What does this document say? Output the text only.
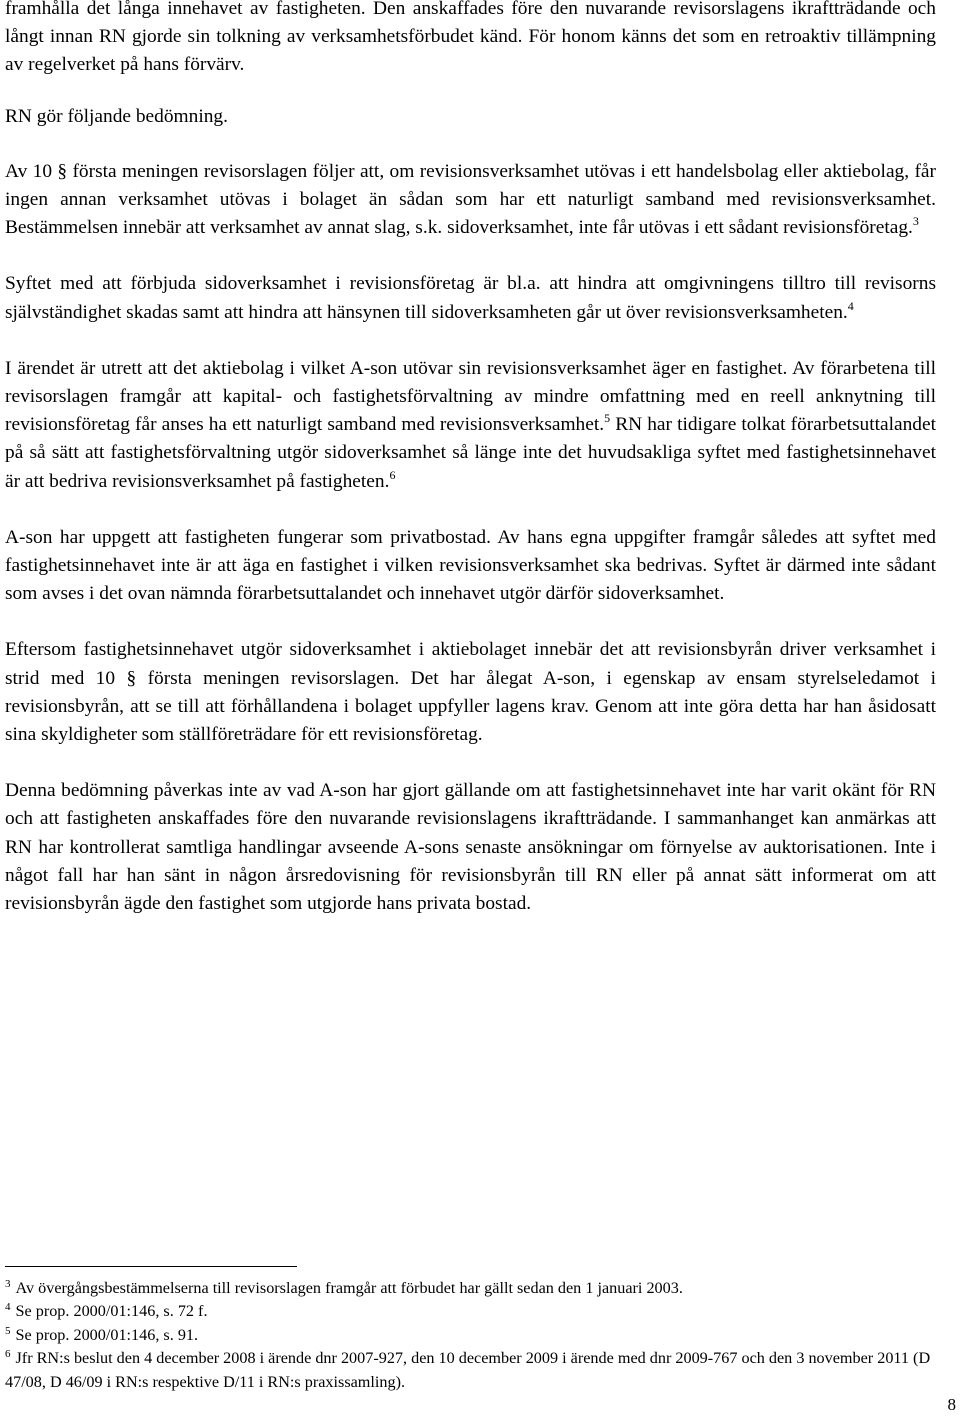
framhålla det långa innehavet av fastigheten. Den anskaffades före den nuvarande revisorslagens ikraftträdande och långt innan RN gjorde sin tolkning av verksamhetsförbudet känd. För honom känns det som en retroaktiv tillämpning av regelverket på hans förvärv.

RN gör följande bedömning.

Av 10 § första meningen revisorslagen följer att, om revisionsverksamhet utövas i ett handelsbolag eller aktiebolag, får ingen annan verksamhet utövas i bolaget än sådan som har ett naturligt samband med revisionsverksamhet. Bestämmelsen innebär att verksamhet av annat slag, s.k. sidoverksamhet, inte får utövas i ett sådant revisionsföretag.$^3$

Syftet med att förbjuda sidoverksamhet i revisionsföretag är bl.a. att hindra att omgivningens tilltro till revisorns självständighet skadas samt att hindra att hänsynen till sidoverksamheten går ut över revisionsverksamheten.$^4$

I ärendet är utrett att det aktiebolag i vilket A-son utövar sin revisionsverksamhet äger en fastighet. Av förarbetena till revisorslagen framgår att kapital- och fastighetsförvaltning av mindre omfattning med en reell anknytning till revisionsföretag får anses ha ett naturligt samband med revisionsverksamhet.$^5$ RN har tidigare tolkat förarbetsuttalandet på så sätt att fastighetsförvaltning utgör sidoverksamhet så länge inte det huvudsakliga syftet med fastighetsinnehavet är att bedriva revisionsverksamhet på fastigheten.$^6$

A-son har uppgett att fastigheten fungerar som privatbostad. Av hans egna uppgifter framgår således att syftet med fastighetsinnehavet inte är att äga en fastighet i vilken revisionsverksamhet ska bedrivas. Syftet är därmed inte sådant som avses i det ovan nämnda förarbetsuttalandet och innehavet utgör därför sidoverksamhet.

Eftersom fastighetsinnehavet utgör sidoverksamhet i aktiebolaget innebär det att revisionsbyrån driver verksamhet i strid med 10 § första meningen revisorslagen. Det har ålegat A-son, i egenskap av ensam styrelseledamot i revisionsbyrån, att se till att förhållandena i bolaget uppfyller lagens krav. Genom att inte göra detta har han åsidosatt sina skyldigheter som ställföreträdare för ett revisionsföretag.

Denna bedömning påverkas inte av vad A-son har gjort gällande om att fastighetsinnehavet inte har varit okänt för RN och att fastigheten anskaffades före den nuvarande revisionslagens ikraftträdande. I sammanhanget kan anmärkas att RN har kontrollerat samtliga handlingar avseende A-sons senaste ansökningar om förnyelse av auktorisationen. Inte i något fall har han sänt in någon årsredovisning för revisionsbyrån till RN eller på annat sätt informerat om att revisionsbyrån ägde den fastighet som utgjorde hans privata bostad.

$^3$ Av övergångsbestämmelserna till revisorslagen framgår att förbudet har gällt sedan den 1 januari 2003.

$^4$ Se prop. 2000/01:146, s. 72 f.

$^5$ Se prop. 2000/01:146, s. 91.

$^6$ Jfr RN:s beslut den 4 december 2008 i ärende dnr 2007-927, den 10 december 2009 i ärende med dnr 2009-767 och den 3 november 2011 (D 47/08, D 46/09 i RN:s respektive D/11 i RN:s praxissamling).

8
